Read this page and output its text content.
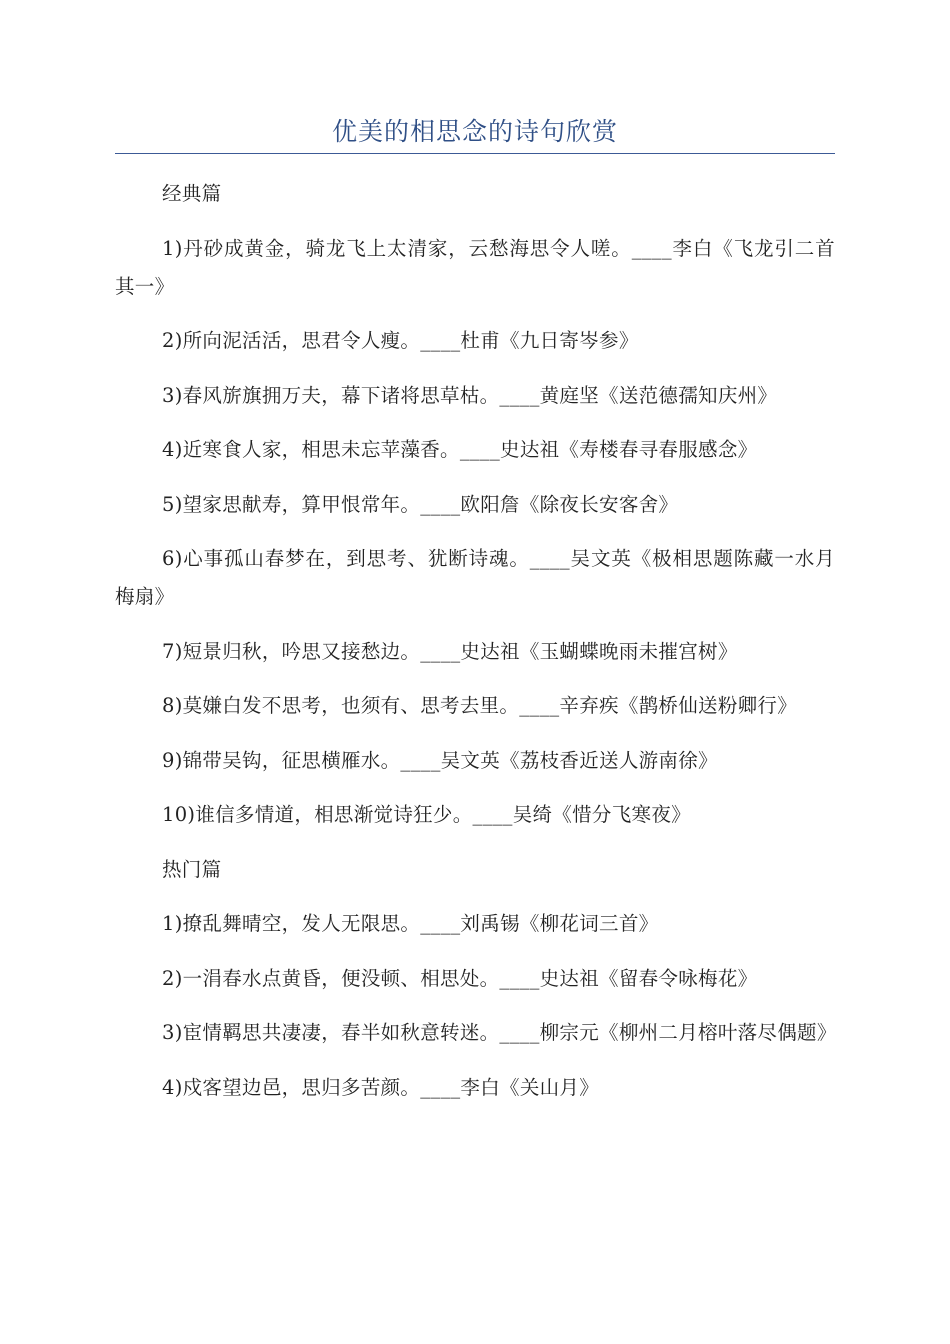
优美的相思念的诗句欣赏

经典篇

1)丹砂成黄金，骑龙飞上太清家，云愁海思令人嗟。____李白《飞龙引二首其一》

2)所向泥活活，思君令人瘦。____杜甫《九日寄岑参》

3)春风旂旗拥万夫，幕下诸将思草枯。____黄庭坚《送范德孺知庆州》

4)近寒食人家，相思未忘苹藻香。____史达祖《寿楼春寻春服感念》

5)望家思献寿，算甲恨常年。____欧阳詹《除夜长安客舍》

6)心事孤山春梦在，到思考、犹断诗魂。____吴文英《极相思题陈藏一水月梅扇》

7)短景归秋，吟思又接愁边。____史达祖《玉蝴蝶晚雨未摧宫树》

8)莫嫌白发不思考，也须有、思考去里。____辛弃疾《鹊桥仙送粉卿行》

9)锦带吴钩，征思横雁水。____吴文英《荔枝香近送人游南徐》

10)谁信多情道，相思渐觉诗狂少。____吴绮《惜分飞寒夜》

热门篇

1)撩乱舞晴空，发人无限思。____刘禹锡《柳花词三首》

2)一涓春水点黄昏，便没顿、相思处。____史达祖《留春令咏梅花》

3)宦情羁思共凄凄，春半如秋意转迷。____柳宗元《柳州二月榕叶落尽偶题》

4)戍客望边邑，思归多苦颜。____李白《关山月》
